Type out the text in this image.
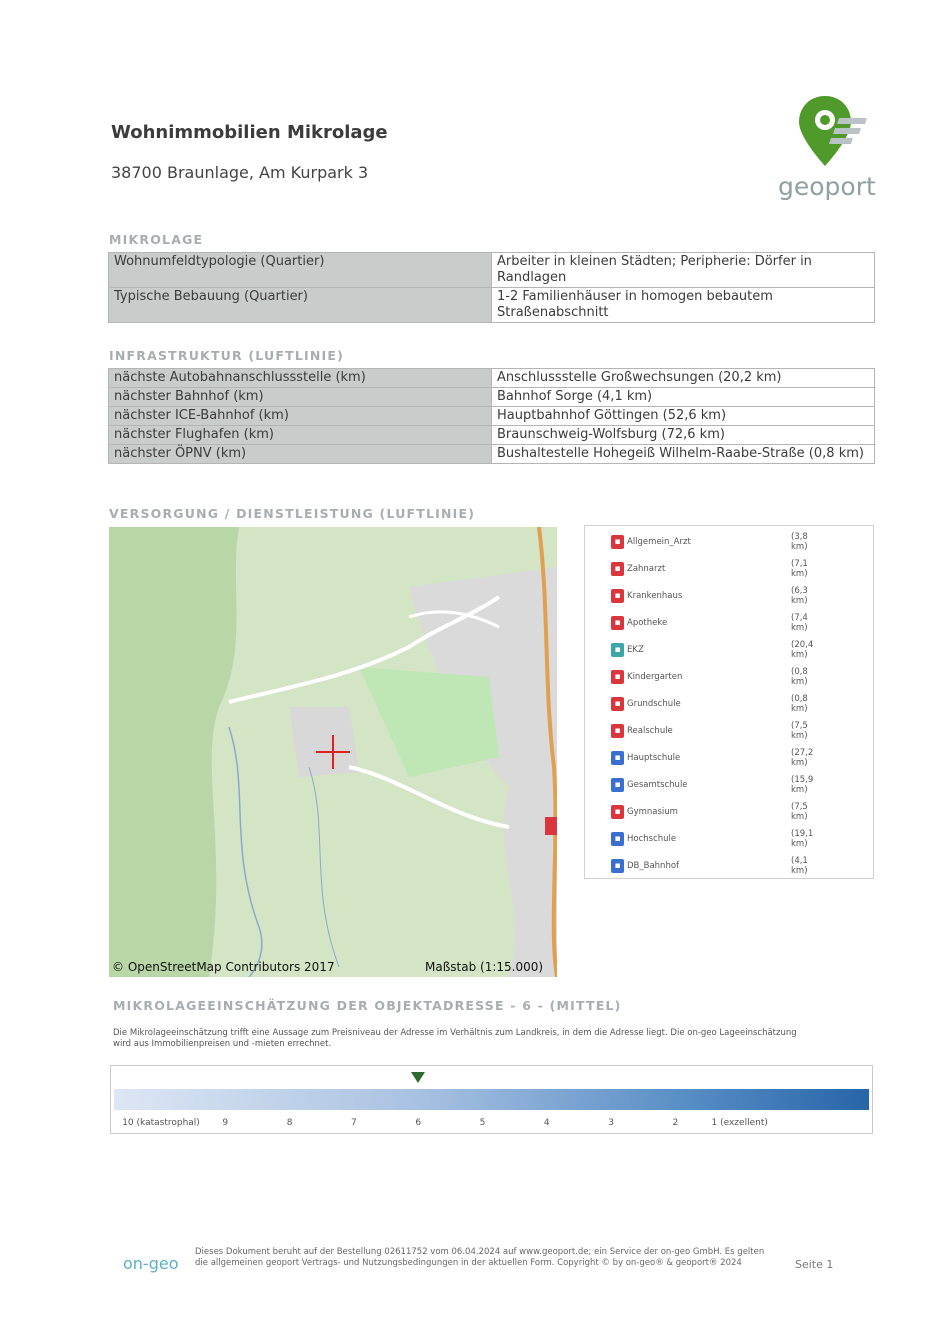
Wohnimmobilien Mikrolage
38700 Braunlage, Am Kurpark 3	geoport
MIKROLAGE
Wohnumfeldtypologie (Quartier)	Arbeiter in kleinen Städten; Peripherie: Dörfer in Randlagen
Typische Bebauung (Quartier)	1-2 Familienhäuser in homogen bebautem Straßenabschnitt
INFRASTRUKTUR (LUFTLINIE)
nächste Autobahnanschlussstelle (km)	Anschlussstelle Großwechsungen (20,2 km)
nächster Bahnhof (km)	Bahnhof Sorge (4,1 km)
nächster ICE-Bahnhof (km)	Hauptbahnhof Göttingen (52,6 km)
nächster Flughafen (km)	Braunschweig-Wolfsburg (72,6 km)
nächster ÖPNV (km)	Bushaltestelle Hohegeiß Wilhelm-Raabe-Straße (0,8 km)
VERSORGUNG / DIENSTLEISTUNG (LUFTLINIE)
© OpenStreetMap Contributors 2017	Maßstab (1:15.000)
▪ Allgemein_Arzt	(3,8 km)
▪ Zahnarzt	(7,1 km)
▪ Krankenhaus	(6,3 km)
▪ Apotheke	(7,4 km)
▪ EKZ	(20,4 km)
▪ Kindergarten	(0,8 km)
▪ Grundschule	(0,8 km)
▪ Realschule	(7,5 km)
▪ Hauptschule	(27,2 km)
▪ Gesamtschule	(15,9 km)
▪ Gymnasium	(7,5 km)
▪ Hochschule	(19,1 km)
▪ DB_Bahnhof	(4,1 km)
MIKROLAGEEINSCHÄTZUNG DER OBJEKTADRESSE - 6 - (MITTEL)
Die Mikrolageeinschätzung trifft eine Aussage zum Preisniveau der Adresse im Verhältnis zum Landkreis, in dem die Adresse liegt. Die on-geo Lageeinschätzung wird aus Immobilienpreisen und -mieten errechnet.
10 (katastrophal)	9	8	7	6	5	4	3	2	1 (exzellent)
on-geo
Dieses Dokument beruht auf der Bestellung 02611752 vom 06.04.2024 auf www.geoport.de; ein Service der on-geo GmbH. Es gelten die allgemeinen geoport Vertrags- und Nutzungsbedingungen in der aktuellen Form. Copyright © by on-geo® & geoport® 2024	Seite 1
